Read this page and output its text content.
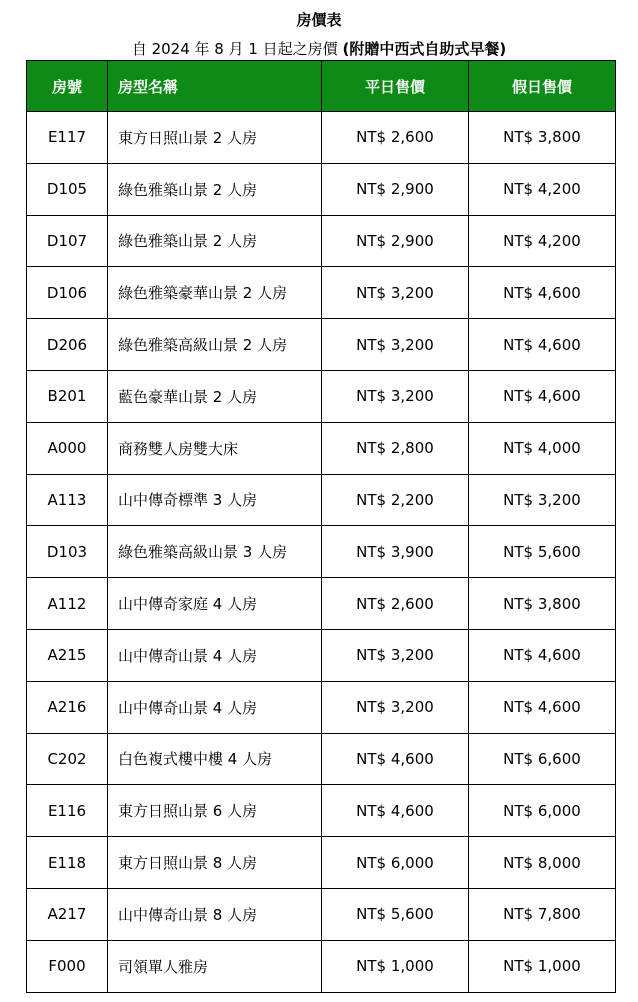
房價表
自 2024 年 8 月 1 日起之房價 (附贈中西式自助式早餐)
房號	房型名稱	平日售價	假日售價
E117	東方日照山景 2 人房	NT$ 2,600	NT$ 3,800
D105	綠色雅築山景 2 人房	NT$ 2,900	NT$ 4,200
D107	綠色雅築山景 2 人房	NT$ 2,900	NT$ 4,200
D106	綠色雅築豪華山景 2 人房	NT$ 3,200	NT$ 4,600
D206	綠色雅築高級山景 2 人房	NT$ 3,200	NT$ 4,600
B201	藍色豪華山景 2 人房	NT$ 3,200	NT$ 4,600
A000	商務雙人房雙大床	NT$ 2,800	NT$ 4,000
A113	山中傳奇標準 3 人房	NT$ 2,200	NT$ 3,200
D103	綠色雅築高級山景 3 人房	NT$ 3,900	NT$ 5,600
A112	山中傳奇家庭 4 人房	NT$ 2,600	NT$ 3,800
A215	山中傳奇山景 4 人房	NT$ 3,200	NT$ 4,600
A216	山中傳奇山景 4 人房	NT$ 3,200	NT$ 4,600
C202	白色複式樓中樓 4 人房	NT$ 4,600	NT$ 6,600
E116	東方日照山景 6 人房	NT$ 4,600	NT$ 6,000
E118	東方日照山景 8 人房	NT$ 6,000	NT$ 8,000
A217	山中傳奇山景 8 人房	NT$ 5,600	NT$ 7,800
F000	司領單人雅房	NT$ 1,000	NT$ 1,000
